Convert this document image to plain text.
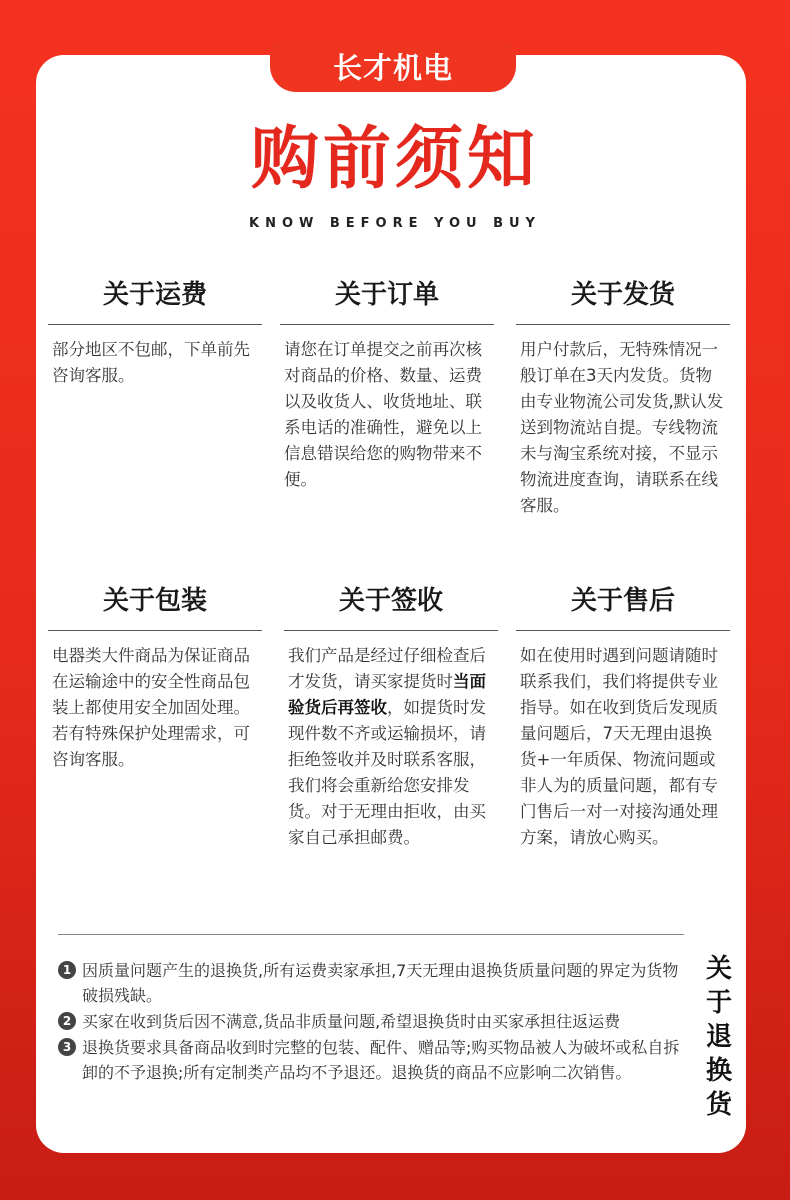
长才机电
购前须知
KNOW BEFORE YOU BUY
关于运费
部分地区不包邮，下单前先咨询客服。
关于订单
请您在订单提交之前再次核对商品的价格、数量、运费以及收货人、收货地址、联系电话的准确性，避免以上信息错误给您的购物带来不便。
关于发货
用户付款后，无特殊情况一般订单在3天内发货。货物由专业物流公司发货,默认发送到物流站自提。专线物流未与淘宝系统对接，不显示物流进度查询，请联系在线客服。
关于包装
电器类大件商品为保证商品在运输途中的安全性商品包装上都使用安全加固处理。若有特殊保护处理需求，可咨询客服。
关于签收
我们产品是经过仔细检查后才发货，请买家提货时当面验货后再签收，如提货时发现件数不齐或运输损坏，请拒绝签收并及时联系客服，我们将会重新给您安排发货。对于无理由拒收，由买家自己承担邮费。
关于售后
如在使用时遇到问题请随时联系我们，我们将提供专业指导。如在收到货后发现质量问题后，7天无理由退换货+一年质保、物流问题或非人为的质量问题，都有专门售后一对一对接沟通处理方案，请放心购买。
1 因质量问题产生的退换货,所有运费卖家承担,7天无理由退换货质量问题的界定为货物破损残缺。
2 买家在收到货后因不满意,货品非质量问题,希望退换货时由买家承担往返运费
3 退换货要求具备商品收到时完整的包装、配件、赠品等;购买物品被人为破坏或私自拆卸的不予退换;所有定制类产品均不予退还。退换货的商品不应影响二次销售。
关于退换货
